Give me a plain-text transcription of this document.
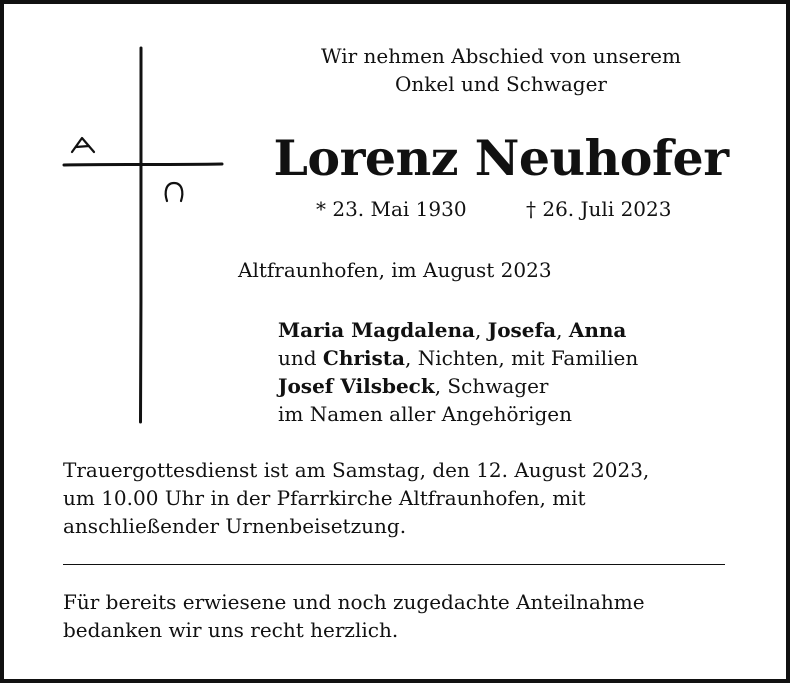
Wir nehmen Abschied von unserem
Onkel und Schwager
Lorenz Neuhofer
* 23. Mai 1930	† 26. Juli 2023
Altfraunhofen, im August 2023
Maria Magdalena, Josefa, Anna
und Christa, Nichten, mit Familien
Josef Vilsbeck, Schwager
im Namen aller Angehörigen
Trauergottesdienst ist am Samstag, den 12. August 2023,
um 10.00 Uhr in der Pfarrkirche Altfraunhofen, mit
anschließender Urnenbeisetzung.
Für bereits erwiesene und noch zugedachte Anteilnahme
bedanken wir uns recht herzlich.
